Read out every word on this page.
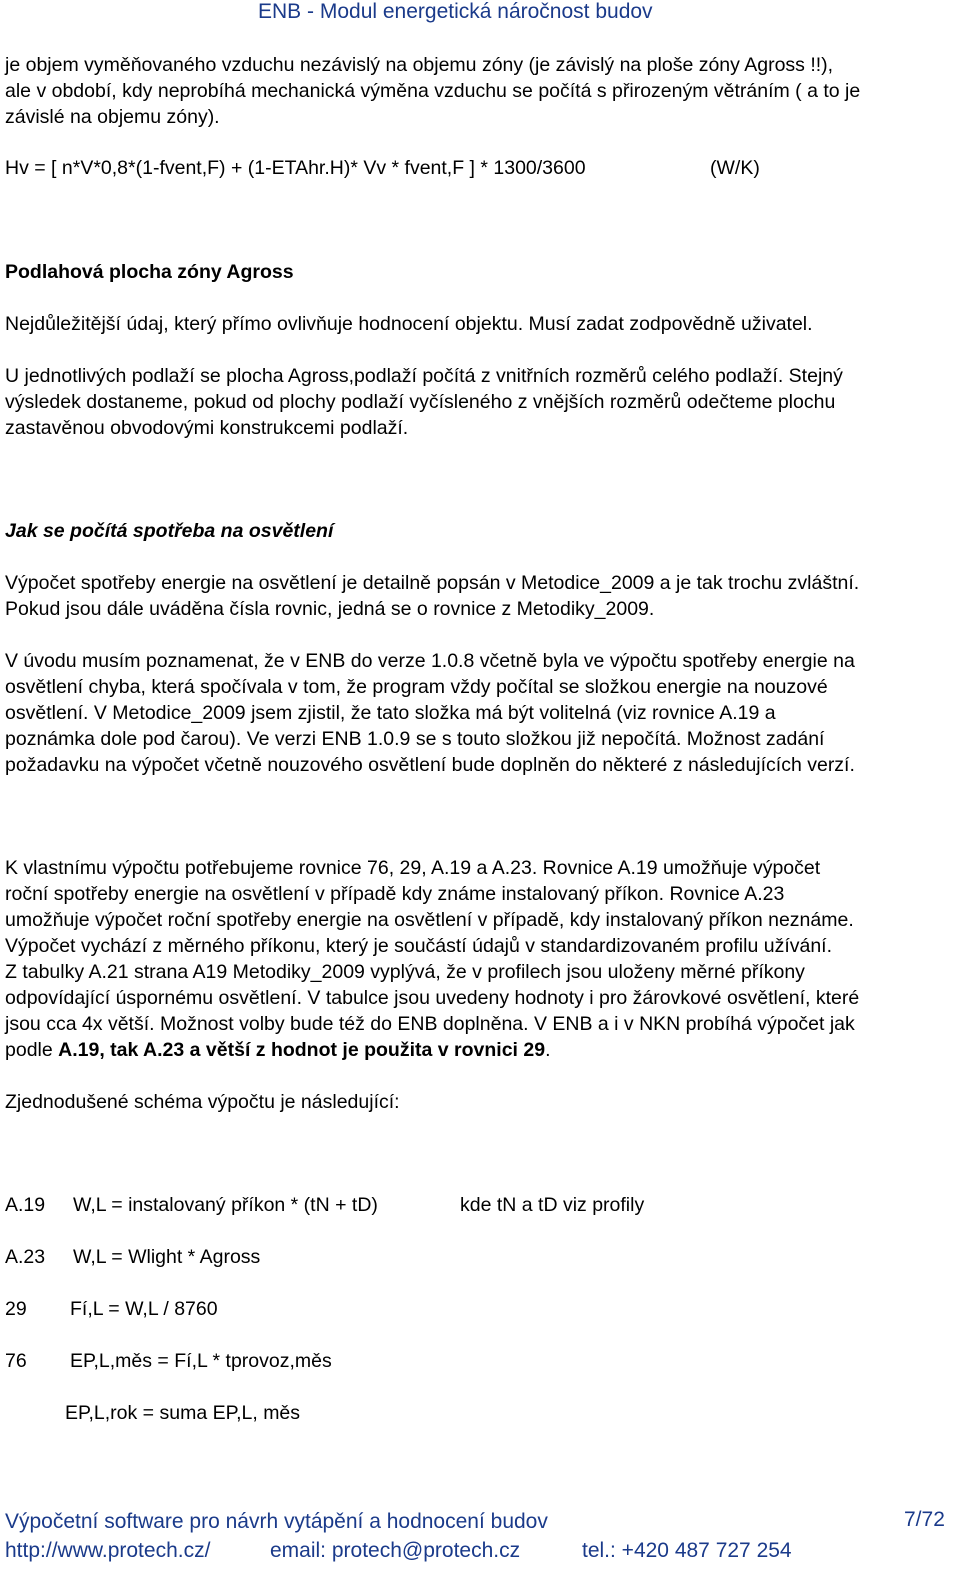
ENB - Modul energetická náročnost budov
je objem vyměňovaného vzduchu nezávislý na objemu zóny (je závislý na ploše zóny Agross !!),
ale v období, kdy neprobíhá mechanická výměna vzduchu se počítá s přirozeným větráním ( a to je
závislé na objemu zóny).
Hv = [ n*V*0,8*(1-fvent,F) + (1-ETAhr.H)* Vv * fvent,F ] * 1300/3600	(W/K)
Podlahová plocha zóny Agross
Nejdůležitější údaj, který přímo ovlivňuje hodnocení objektu. Musí zadat zodpovědně uživatel.
U jednotlivých podlaží se plocha Agross,podlaží počítá z vnitřních rozměrů celého podlaží. Stejný
výsledek dostaneme, pokud od plochy podlaží vyčísleného z vnějších rozměrů odečteme plochu
zastavěnou obvodovými konstrukcemi podlaží.
Jak se počítá spotřeba na osvětlení
Výpočet spotřeby energie na osvětlení je detailně popsán v Metodice_2009 a je tak trochu zvláštní.
Pokud jsou dále uváděna čísla rovnic, jedná se o rovnice z Metodiky_2009.
V úvodu musím poznamenat, že v ENB do verze 1.0.8 včetně byla ve výpočtu spotřeby energie na
osvětlení chyba, která spočívala v tom, že program vždy počítal se složkou energie na nouzové
osvětlení. V Metodice_2009 jsem zjistil, že tato složka má být volitelná (viz rovnice A.19 a
poznámka dole pod čarou). Ve verzi ENB 1.0.9 se s touto složkou již nepočítá. Možnost zadání
požadavku na výpočet včetně nouzového osvětlení bude doplněn do některé z následujících verzí.
K vlastnímu výpočtu potřebujeme rovnice 76, 29, A.19 a A.23. Rovnice A.19 umožňuje výpočet
roční spotřeby energie na osvětlení v případě kdy známe instalovaný příkon. Rovnice A.23
umožňuje výpočet roční spotřeby energie na osvětlení v případě, kdy instalovaný příkon neznáme.
Výpočet vychází z měrného příkonu, který je součástí údajů v standardizovaném profilu užívání.
Z tabulky A.21 strana A19 Metodiky_2009 vyplývá, že v profilech jsou uloženy měrné příkony
odpovídající úspornému osvětlení. V tabulce jsou uvedeny hodnoty i pro žárovkové osvětlení, které
jsou cca 4x větší. Možnost volby bude též do ENB doplněna. V ENB a i v NKN probíhá výpočet jak
podle A.19, tak A.23 a větší z hodnot je použita v rovnici 29.
Zjednodušené schéma výpočtu je následující:
A.19 W,L = instalovaný příkon * (tN + tD)	kde tN a tD viz profily
A.23 W,L = Wlight * Agross
29 Fí,L = W,L / 8760
76 EP,L,měs = Fí,L * tprovoz,měs
EP,L,rok = suma EP,L, měs
Výpočetní software pro návrh vytápění a hodnocení budov	7/72
http://www.protech.cz/	email: protech@protech.cz	tel.: +420 487 727 254
